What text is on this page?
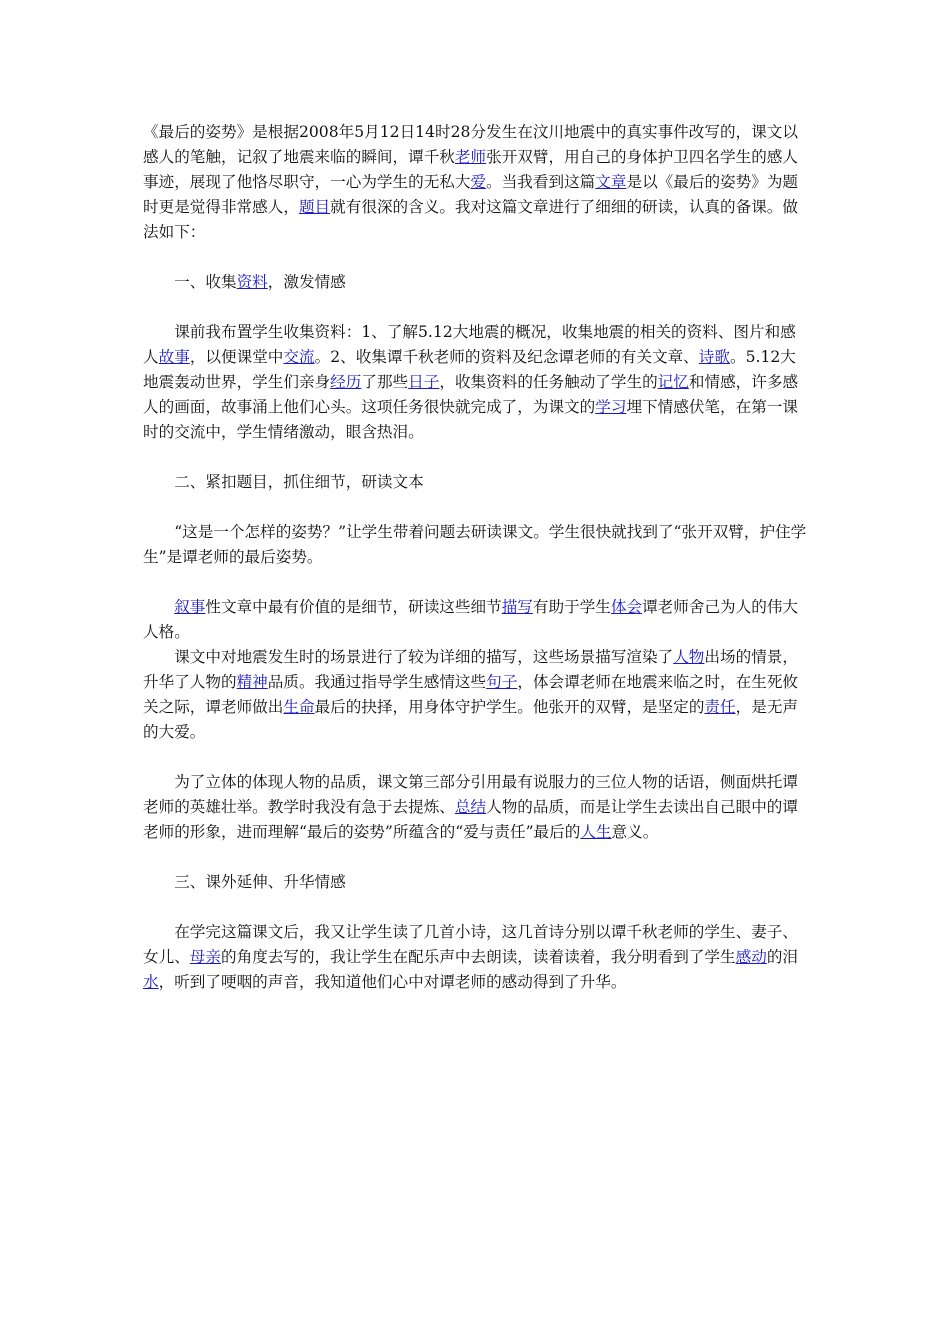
《最后的姿势》是根据2008年5月12日14时28分发生在汶川地震中的真实事件改写的，课文以感人的笔触，记叙了地震来临的瞬间，谭千秋老师张开双臂，用自己的身体护卫四名学生的感人事迹，展现了他恪尽职守，一心为学生的无私大爱。当我看到这篇文章是以《最后的姿势》为题时更是觉得非常感人，题目就有很深的含义。我对这篇文章进行了细细的研读，认真的备课。做法如下：

一、收集资料，激发情感

课前我布置学生收集资料：1、了解5.12大地震的概况，收集地震的相关的资料、图片和感人故事，以便课堂中交流。2、收集谭千秋老师的资料及纪念谭老师的有关文章、诗歌。5.12大地震轰动世界，学生们亲身经历了那些日子，收集资料的任务触动了学生的记忆和情感，许多感人的画面，故事涌上他们心头。这项任务很快就完成了，为课文的学习埋下情感伏笔，在第一课时的交流中，学生情绪激动，眼含热泪。

二、紧扣题目，抓住细节，研读文本

“这是一个怎样的姿势？”让学生带着问题去研读课文。学生很快就找到了“张开双臂，护住学生”是谭老师的最后姿势。

叙事性文章中最有价值的是细节，研读这些细节描写有助于学生体会谭老师舍己为人的伟大人格。

课文中对地震发生时的场景进行了较为详细的描写，这些场景描写渲染了人物出场的情景，升华了人物的精神品质。我通过指导学生感情这些句子，体会谭老师在地震来临之时，在生死攸关之际，谭老师做出生命最后的抉择，用身体守护学生。他张开的双臂，是坚定的责任，是无声的大爱。

为了立体的体现人物的品质，课文第三部分引用最有说服力的三位人物的话语，侧面烘托谭老师的英雄壮举。教学时我没有急于去提炼、总结人物的品质，而是让学生去读出自己眼中的谭老师的形象，进而理解“最后的姿势”所蕴含的“爱与责任”最后的人生意义。

三、课外延伸、升华情感

在学完这篇课文后，我又让学生读了几首小诗，这几首诗分别以谭千秋老师的学生、妻子、女儿、母亲的角度去写的，我让学生在配乐声中去朗读，读着读着，我分明看到了学生感动的泪水，听到了哽咽的声音，我知道他们心中对谭老师的感动得到了升华。
